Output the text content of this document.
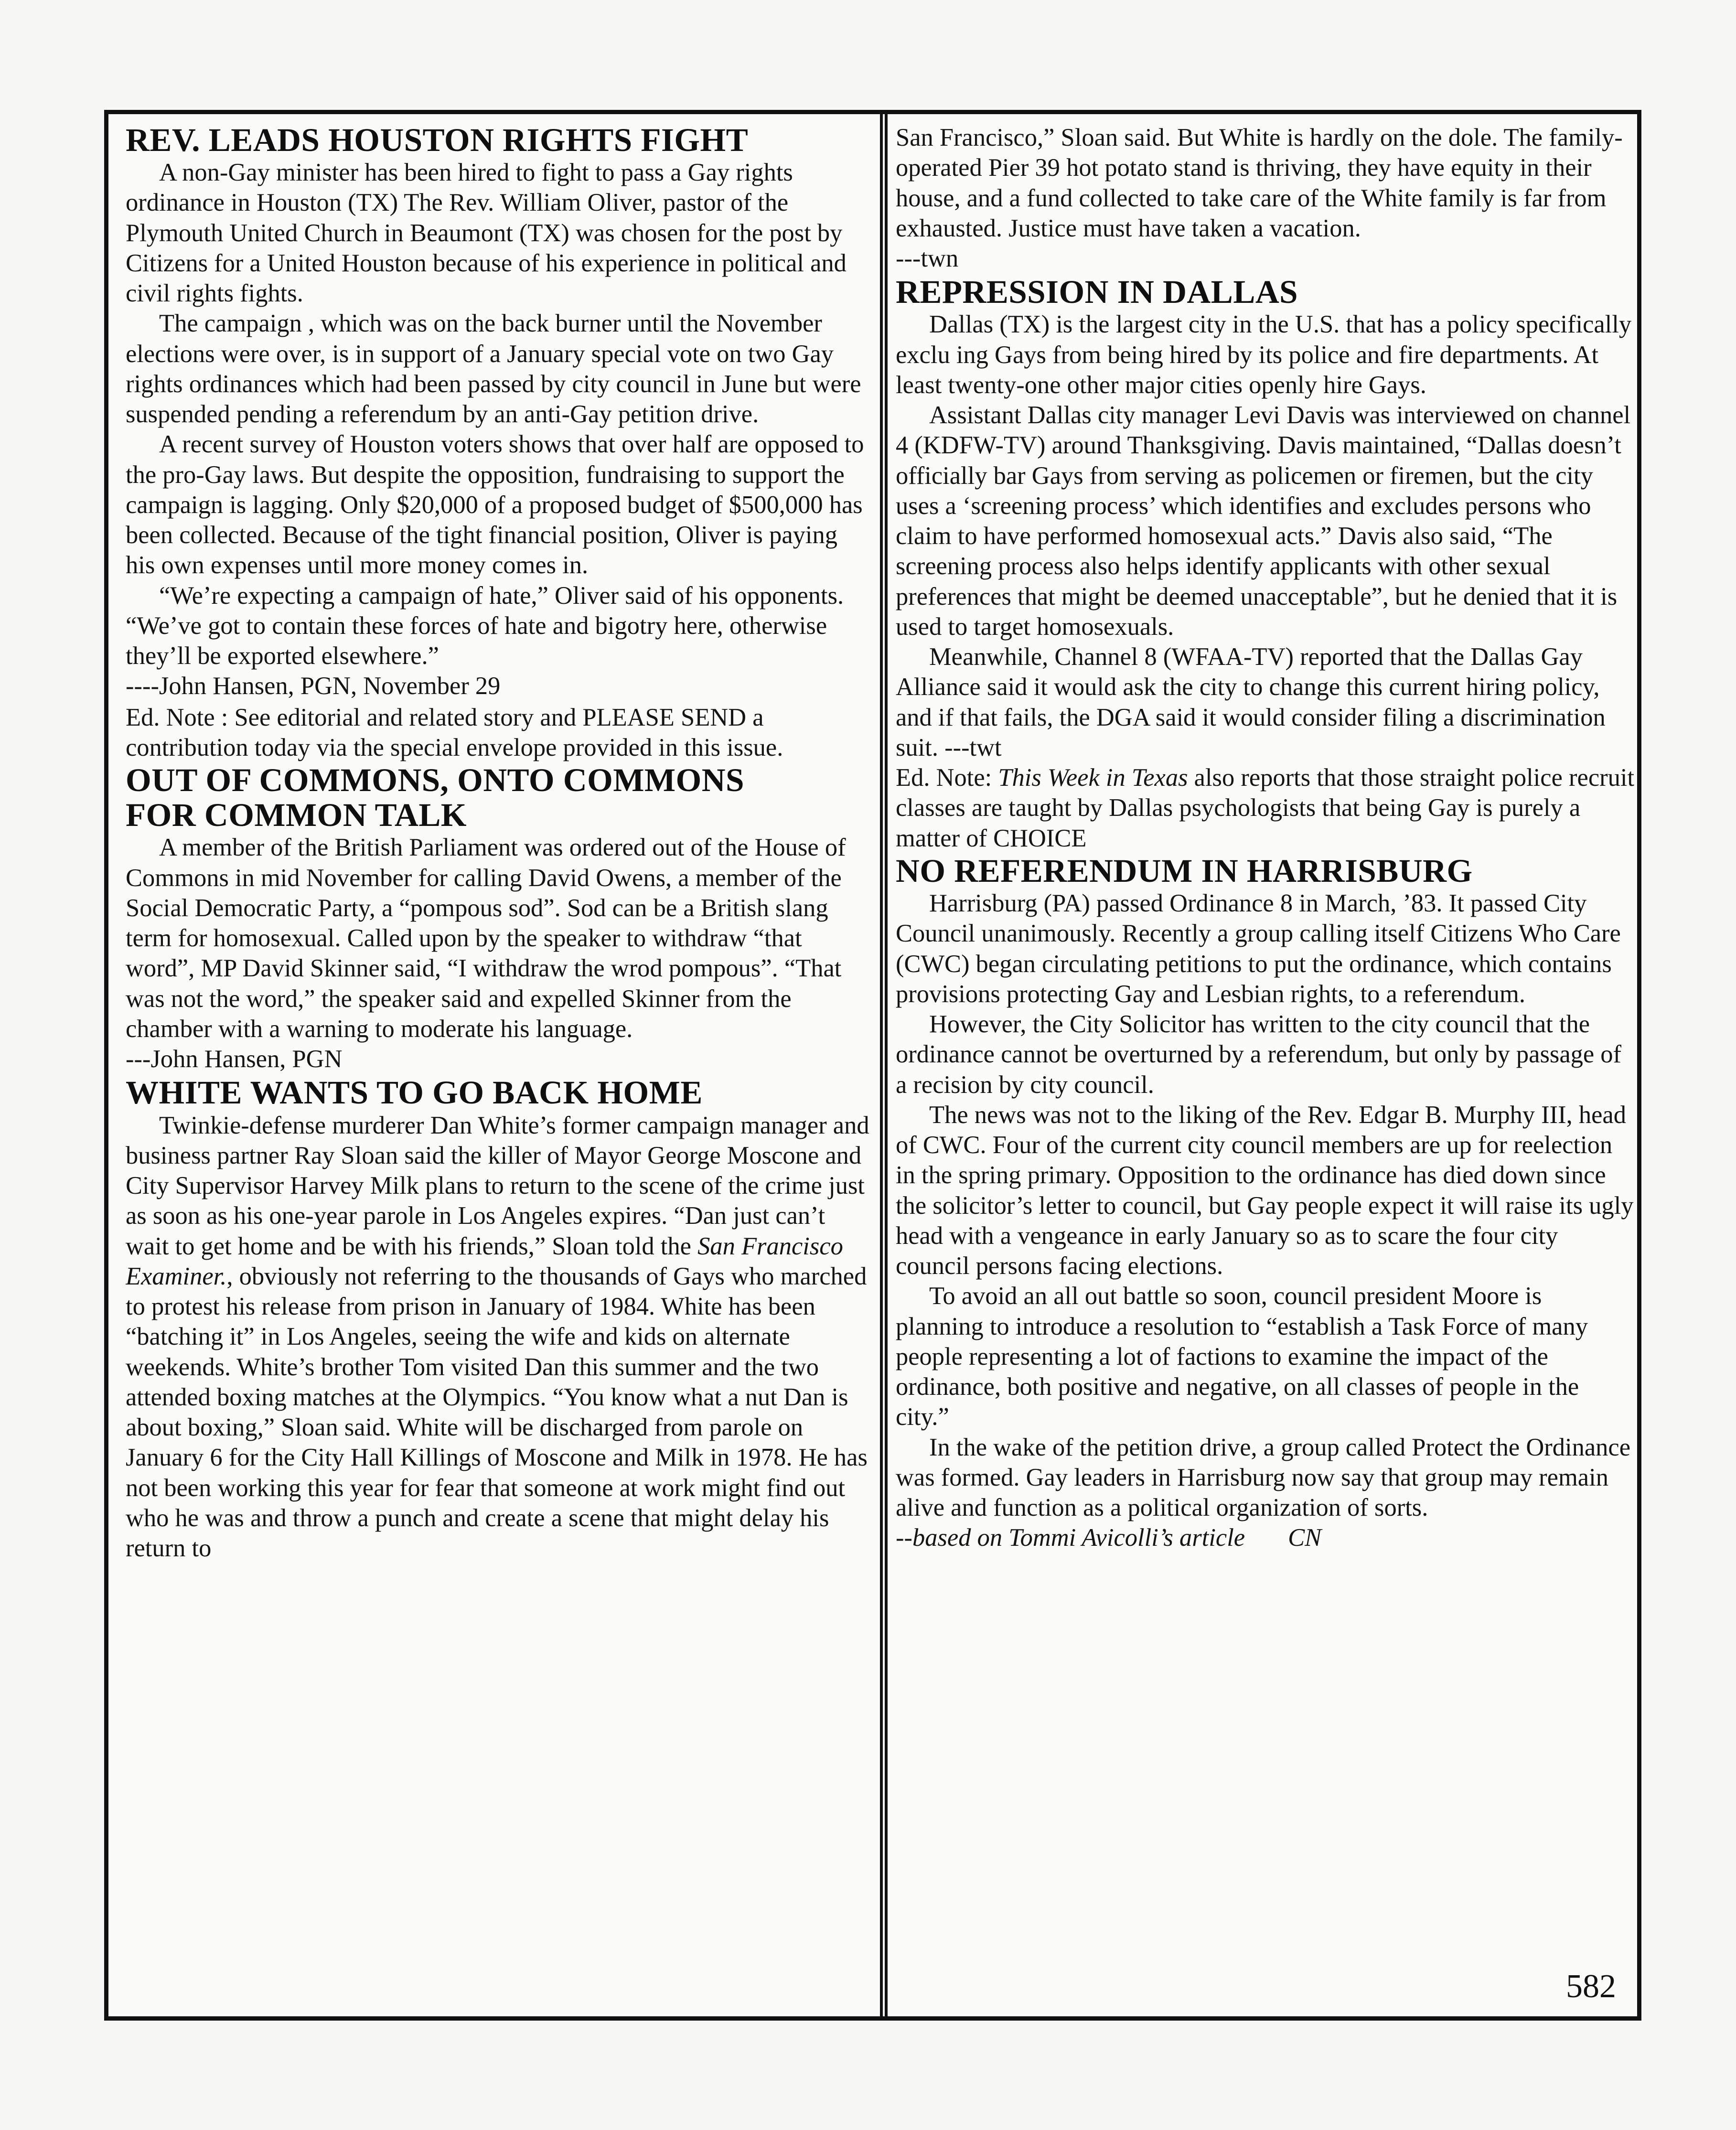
REV. LEADS HOUSTON RIGHTS FIGHT

A non-Gay minister has been hired to fight to pass a Gay rights ordinance in Houston (TX) The Rev. William Oliver, pastor of the Plymouth United Church in Beaumont (TX) was chosen for the post by Citizens for a United Houston because of his experience in political and civil rights fights.

The campaign , which was on the back burner until the November elections were over, is in support of a January special vote on two Gay rights ordinances which had been passed by city council in June but were suspended pending a referendum by an anti-Gay petition drive.

A recent survey of Houston voters shows that over half are opposed to the pro-Gay laws. But despite the opposition, fundraising to support the campaign is lagging. Only $20,000 of a proposed budget of $500,000 has been collected. Because of the tight financial position, Oliver is paying his own expenses until more money comes in.

“We’re expecting a campaign of hate,” Oliver said of his opponents. “We’ve got to contain these forces of hate and bigotry here, otherwise they’ll be exported elsewhere.”

----John Hansen, PGN, November 29

Ed. Note : See editorial and related story and PLEASE SEND a contribution today via the special envelope provided in this issue.

OUT OF COMMONS, ONTO COMMONS
FOR COMMON TALK

A member of the British Parliament was ordered out of the House of Commons in mid November for calling David Owens, a member of the Social Democratic Party, a “pompous sod”. Sod can be a British slang term for homosexual. Called upon by the speaker to withdraw “that word”, MP David Skinner said, “I withdraw the wrod pompous”. “That was not the word,” the speaker said and expelled Skinner from the chamber with a warning to moderate his language.

---John Hansen, PGN

WHITE WANTS TO GO BACK HOME

Twinkie-defense murderer Dan White’s former campaign manager and business partner Ray Sloan said the killer of Mayor George Moscone and City Supervisor Harvey Milk plans to return to the scene of the crime just as soon as his one-year parole in Los Angeles expires. “Dan just can’t wait to get home and be with his friends,” Sloan told the San Francisco Examiner., obviously not referring to the thousands of Gays who marched to protest his release from prison in January of 1984. White has been “batching it” in Los Angeles, seeing the wife and kids on alternate weekends. White’s brother Tom visited Dan this summer and the two attended boxing matches at the Olympics. “You know what a nut Dan is about boxing,” Sloan said. White will be discharged from parole on January 6 for the City Hall Killings of Moscone and Milk in 1978. He has not been working this year for fear that someone at work might find out who he was and throw a punch and create a scene that might delay his return to

San Francisco,” Sloan said. But White is hardly on the dole. The family-operated Pier 39 hot potato stand is thriving, they have equity in their house, and a fund collected to take care of the White family is far from exhausted. Justice must have taken a vacation.

---twn

REPRESSION IN DALLAS

Dallas (TX) is the largest city in the U.S. that has a policy specifically exclu ing Gays from being hired by its police and fire departments. At least twenty-one other major cities openly hire Gays.

Assistant Dallas city manager Levi Davis was interviewed on channel 4 (KDFW-TV) around Thanksgiving. Davis maintained, “Dallas doesn’t officially bar Gays from serving as policemen or firemen, but the city uses a ‘screening process’ which identifies and excludes persons who claim to have performed homosexual acts.” Davis also said, “The screening process also helps identify applicants with other sexual preferences that might be deemed unacceptable”, but he denied that it is used to target homosexuals.

Meanwhile, Channel 8 (WFAA-TV) reported that the Dallas Gay Alliance said it would ask the city to change this current hiring policy, and if that fails, the DGA said it would consider filing a discrimination suit. ---twt

Ed. Note: This Week in Texas also reports that those straight police recruit classes are taught by Dallas psychologists that being Gay is purely a matter of CHOICE

NO REFERENDUM IN HARRISBURG

Harrisburg (PA) passed Ordinance 8 in March, ’83. It passed City Council unanimously. Recently a group calling itself Citizens Who Care (CWC) began circulating petitions to put the ordinance, which contains provisions protecting Gay and Lesbian rights, to a referendum.

However, the City Solicitor has written to the city council that the ordinance cannot be overturned by a referendum, but only by passage of a recision by city council.

The news was not to the liking of the Rev. Edgar B. Murphy III, head of CWC. Four of the current city council members are up for reelection in the spring primary. Opposition to the ordinance has died down since the solicitor’s letter to council, but Gay people expect it will raise its ugly head with a vengeance in early January so as to scare the four city council persons facing elections.

To avoid an all out battle so soon, council president Moore is planning to introduce a resolution to “establish a Task Force of many people representing a lot of factions to examine the impact of the ordinance, both positive and negative, on all classes of people in the city.”

In the wake of the petition drive, a group called Protect the Ordinance was formed. Gay leaders in Harrisburg now say that group may remain alive and function as a political organization of sorts.

--based on Tommi Avicolli’s article CN

582
